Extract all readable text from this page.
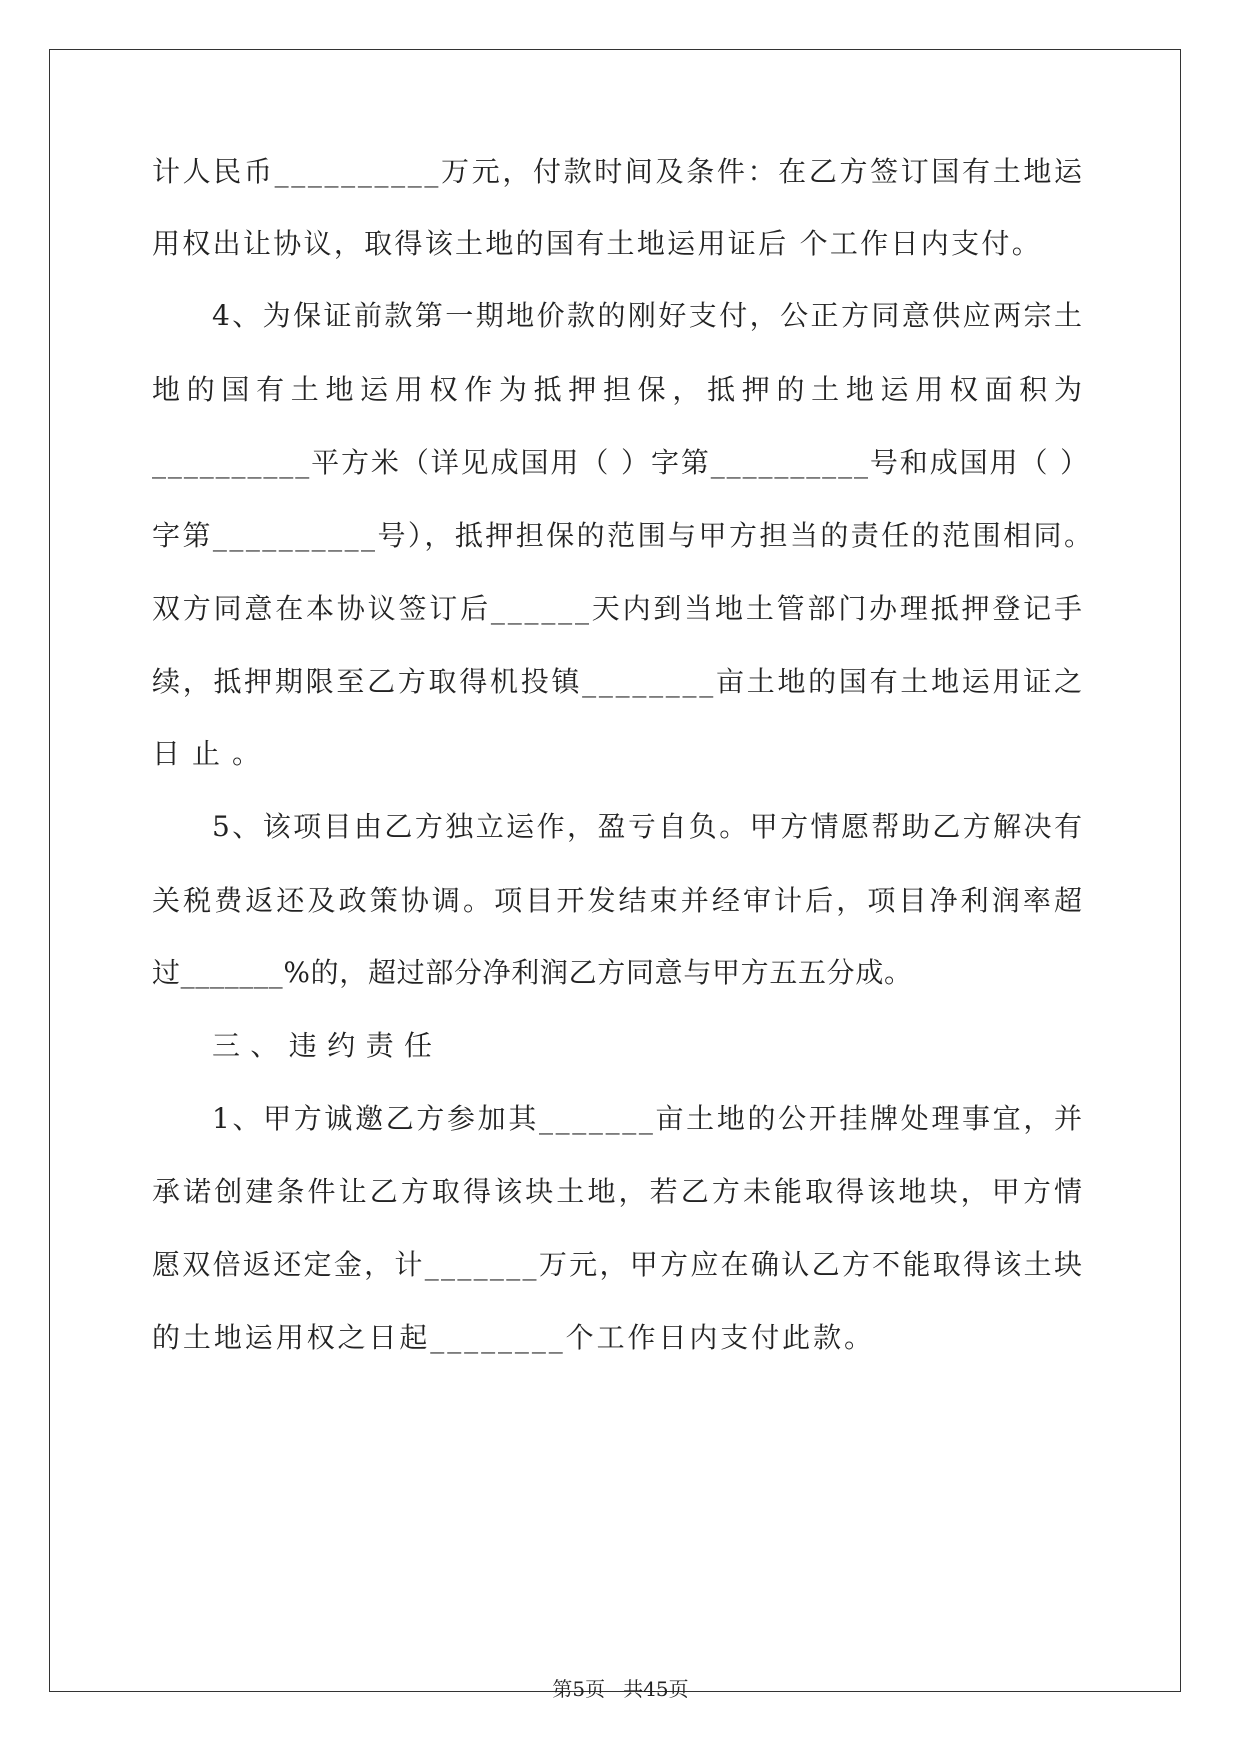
计人民币__________万元，付款时间及条件：在乙方签订国有土地运

用权出让协议，取得该土地的国有土地运用证后 个工作日内支付。

4、为保证前款第一期地价款的刚好支付，公正方同意供应两宗土

地的国有土地运用权作为抵押担保，抵押的土地运用权面积为

__________平方米（详见成国用（ ）字第__________号和成国用（ ）

字第__________号），抵押担保的范围与甲方担当的责任的范围相同。

双方同意在本协议签订后______天内到当地土管部门办理抵押登记手

续，抵押期限至乙方取得机投镇________亩土地的国有土地运用证之

日止。

5、该项目由乙方独立运作，盈亏自负。甲方情愿帮助乙方解决有

关税费返还及政策协调。项目开发结束并经审计后，项目净利润率超

过_______%的，超过部分净利润乙方同意与甲方五五分成。

三、违约责任

1、甲方诚邀乙方参加其_______亩土地的公开挂牌处理事宜，并

承诺创建条件让乙方取得该块土地，若乙方未能取得该地块，甲方情

愿双倍返还定金，计_______万元，甲方应在确认乙方不能取得该土块

的土地运用权之日起________个工作日内支付此款。

第5页 共45页
